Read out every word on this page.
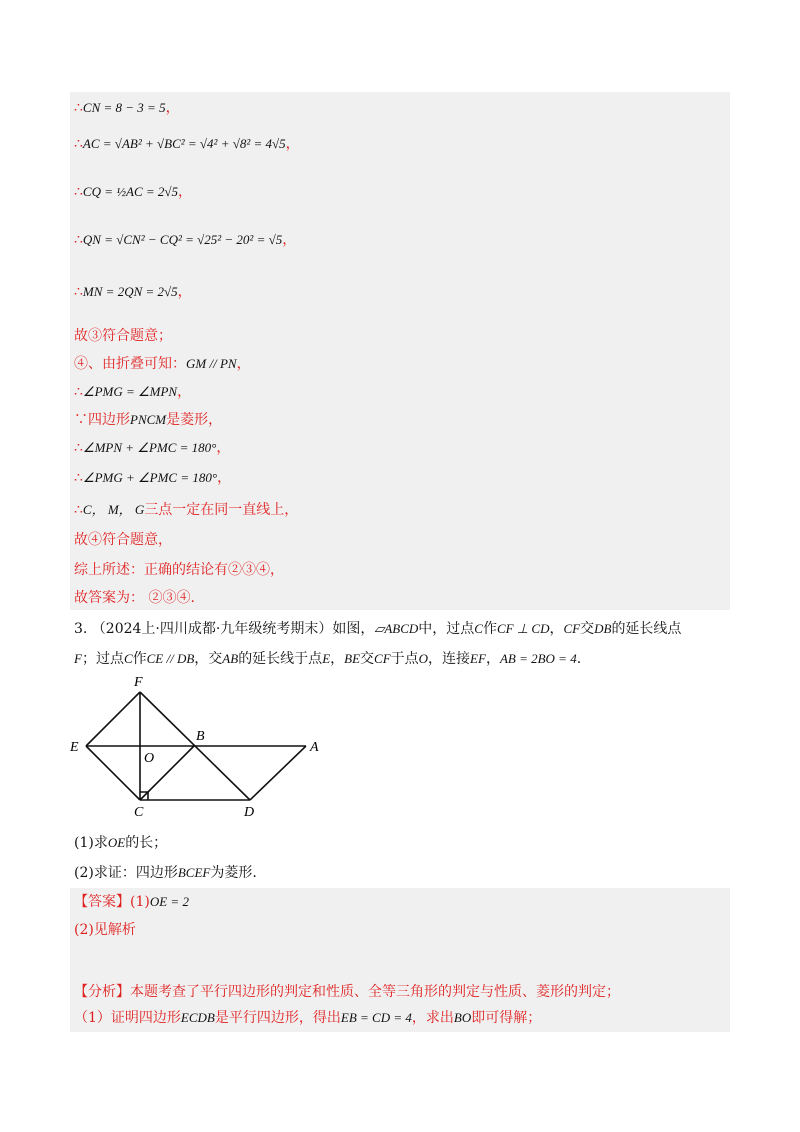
∴CN = 8 − 3 = 5，
∴AC = √AB² + √BC² = √4² + √8² = 4√5，
∴CQ = ½AC = 2√5，
∴QN = √CN² − CQ² = √25² − 20² = √5，
∴MN = 2QN = 2√5，
故③符合题意；
④、由折叠可知：GM // PN，
∴∠PMG = ∠MPN，
∵四边形PNCM是菱形，
∴∠MPN + ∠PMC = 180°，
∴∠PMG + ∠PMC = 180°，
∴C， M， G三点一定在同一直线上，
故④符合题意，
综上所述：正确的结论有②③④，
故答案为： ②③④.
3. （2024上·四川成都·九年级统考期末）如图，▱ABCD中，过点C作CF ⊥ CD，CF交DB的延长线点
F；过点C作CE // DB，交AB的延长线于点E，BE交CF于点O，连接EF，AB = 2BO = 4.
F
E
O
B
A
C	D
(1)求OE的长；
(2)求证：四边形BCEF为菱形.
【答案】(1)OE = 2
(2)见解析
【分析】本题考查了平行四边形的判定和性质、全等三角形的判定与性质、菱形的判定；
（1）证明四边形ECDB是平行四边形，得出EB = CD = 4，求出BO即可得解；
